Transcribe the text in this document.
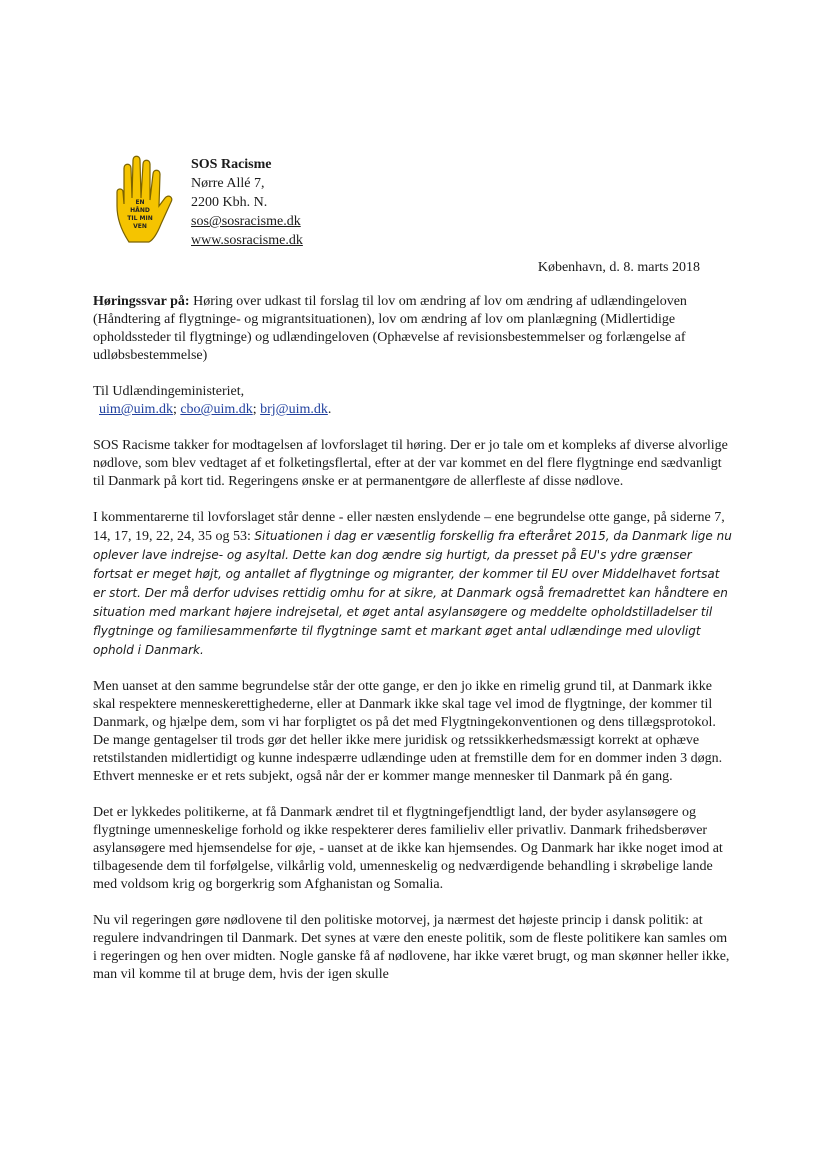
EN
HÅND
TIL MIN
VEN
SOS Racisme
Nørre Allé 7,
2200 Kbh. N.
sos@sosracisme.dk
www.sosracisme.dk
København, d. 8. marts 2018

Høringssvar på: Høring over udkast til forslag til lov om ændring af lov om ændring af udlændingeloven (Håndtering af flygtninge- og migrantsituationen), lov om ændring af lov om planlægning (Midlertidige opholdssteder til flygtninge) og udlændingeloven (Ophævelse af revisionsbestemmelser og forlængelse af udløbsbestemmelse)

Til Udlændingeministeriet,

uim@uim.dk; cbo@uim.dk; brj@uim.dk.

SOS Racisme takker for modtagelsen af lovforslaget til høring. Der er jo tale om et kompleks af diverse alvorlige nødlove, som blev vedtaget af et folketingsflertal, efter at der var kommet en del flere flygtninge end sædvanligt til Danmark på kort tid. Regeringens ønske er at permanentgøre de allerfleste af disse nødlove.

I kommentarerne til lovforslaget står denne - eller næsten enslydende – ene begrundelse otte gange, på siderne 7, 14, 17, 19, 22, 24, 35 og 53: Situationen i dag er væsentlig forskellig fra efteråret 2015, da Danmark lige nu oplever lave indrejse- og asyltal. Dette kan dog ændre sig hurtigt, da presset på EU's ydre grænser fortsat er meget højt, og antallet af flygtninge og migranter, der kommer til EU over Middelhavet fortsat er stort. Der må derfor udvises rettidig omhu for at sikre, at Danmark også fremadrettet kan håndtere en situation med markant højere indrejsetal, et øget antal asylansøgere og meddelte opholdstilladelser til flygtninge og familiesammenførte til flygtninge samt et markant øget antal udlændinge med ulovligt ophold i Danmark.

Men uanset at den samme begrundelse står der otte gange, er den jo ikke en rimelig grund til, at Danmark ikke skal respektere menneskerettighederne, eller at Danmark ikke skal tage vel imod de flygtninge, der kommer til Danmark, og hjælpe dem, som vi har forpligtet os på det med Flygtningekonventionen og dens tillægsprotokol. De mange gentagelser til trods gør det heller ikke mere juridisk og retssikkerhedsmæssigt korrekt at ophæve retstilstanden midlertidigt og kunne indespærre udlændinge uden at fremstille dem for en dommer inden 3 døgn. Ethvert menneske er et rets subjekt, også når der er kommer mange mennesker til Danmark på én gang.

Det er lykkedes politikerne, at få Danmark ændret til et flygtningefjendtligt land, der byder asylansøgere og flygtninge umenneskelige forhold og ikke respekterer deres familieliv eller privatliv. Danmark frihedsberøver asylansøgere med hjemsendelse for øje, - uanset at de ikke kan hjemsendes. Og Danmark har ikke noget imod at tilbagesende dem til forfølgelse, vilkårlig vold, umenneskelig og nedværdigende behandling i skrøbelige lande med voldsom krig og borgerkrig som Afghanistan og Somalia.

Nu vil regeringen gøre nødlovene til den politiske motorvej, ja nærmest det højeste princip i dansk politik: at regulere indvandringen til Danmark. Det synes at være den eneste politik, som de fleste politikere kan samles om i regeringen og hen over midten. Nogle ganske få af nødlovene, har ikke været brugt, og man skønner heller ikke, man vil komme til at bruge dem, hvis der igen skulle
